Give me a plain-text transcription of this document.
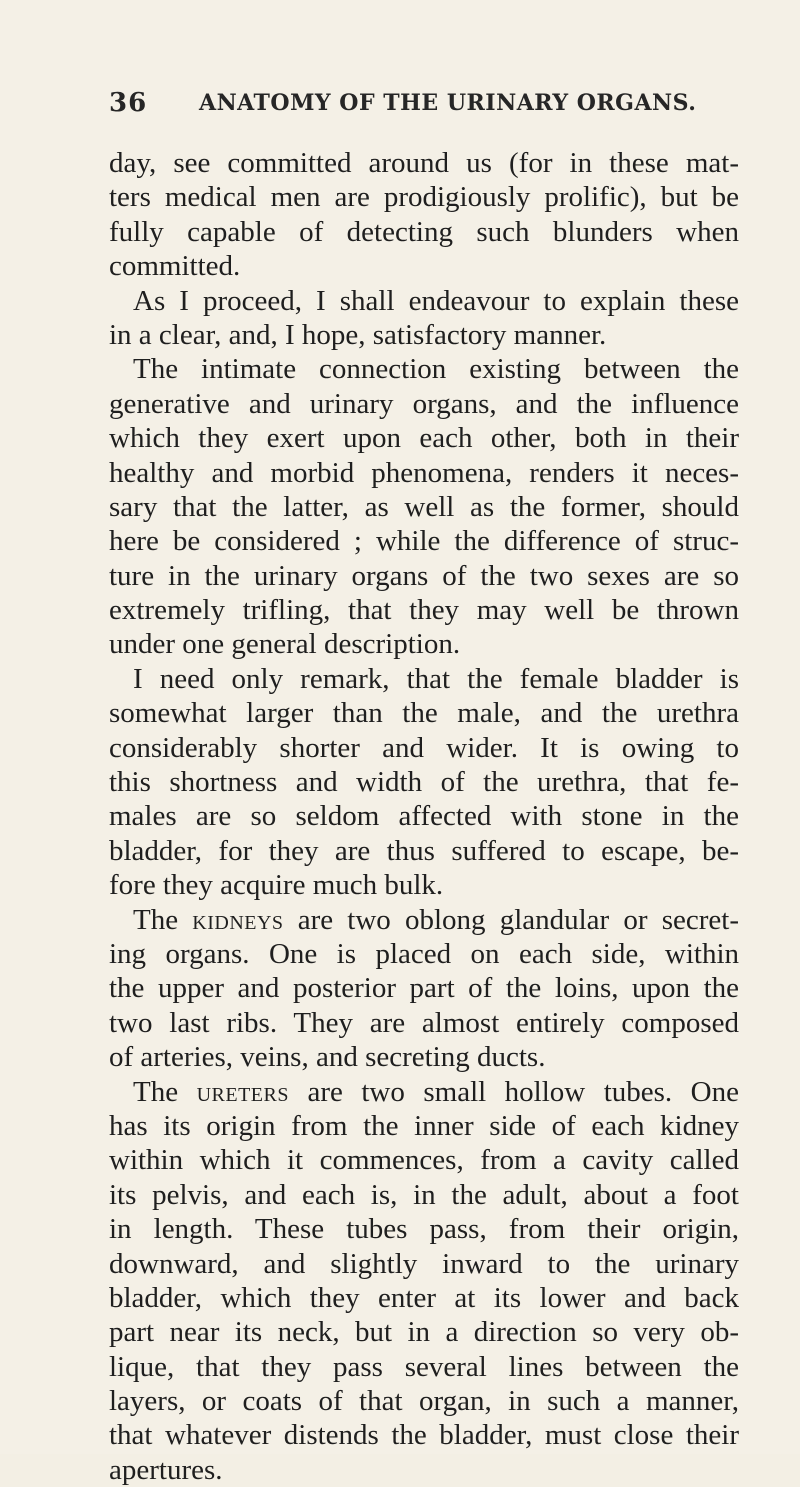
36 ANATOMY OF THE URINARY ORGANS.
day, see committed around us (for in these mat-
ters medical men are prodigiously prolific), but be
fully capable of detecting such blunders when
committed.
As I proceed, I shall endeavour to explain these
in a clear, and, I hope, satisfactory manner.
The intimate connection existing between the
generative and urinary organs, and the influence
which they exert upon each other, both in their
healthy and morbid phenomena, renders it neces-
sary that the latter, as well as the former, should
here be considered ; while the difference of struc-
ture in the urinary organs of the two sexes are so
extremely trifling, that they may well be thrown
under one general description.
I need only remark, that the female bladder is
somewhat larger than the male, and the urethra
considerably shorter and wider. It is owing to
this shortness and width of the urethra, that fe-
males are so seldom affected with stone in the
bladder, for they are thus suffered to escape, be-
fore they acquire much bulk.
The kidneys are two oblong glandular or secret-
ing organs. One is placed on each side, within
the upper and posterior part of the loins, upon the
two last ribs. They are almost entirely composed
of arteries, veins, and secreting ducts.
The ureters are two small hollow tubes. One
has its origin from the inner side of each kidney
within which it commences, from a cavity called
its pelvis, and each is, in the adult, about a foot
in length. These tubes pass, from their origin,
downward, and slightly inward to the urinary
bladder, which they enter at its lower and back
part near its neck, but in a direction so very ob-
lique, that they pass several lines between the
layers, or coats of that organ, in such a manner,
that whatever distends the bladder, must close their
apertures.
